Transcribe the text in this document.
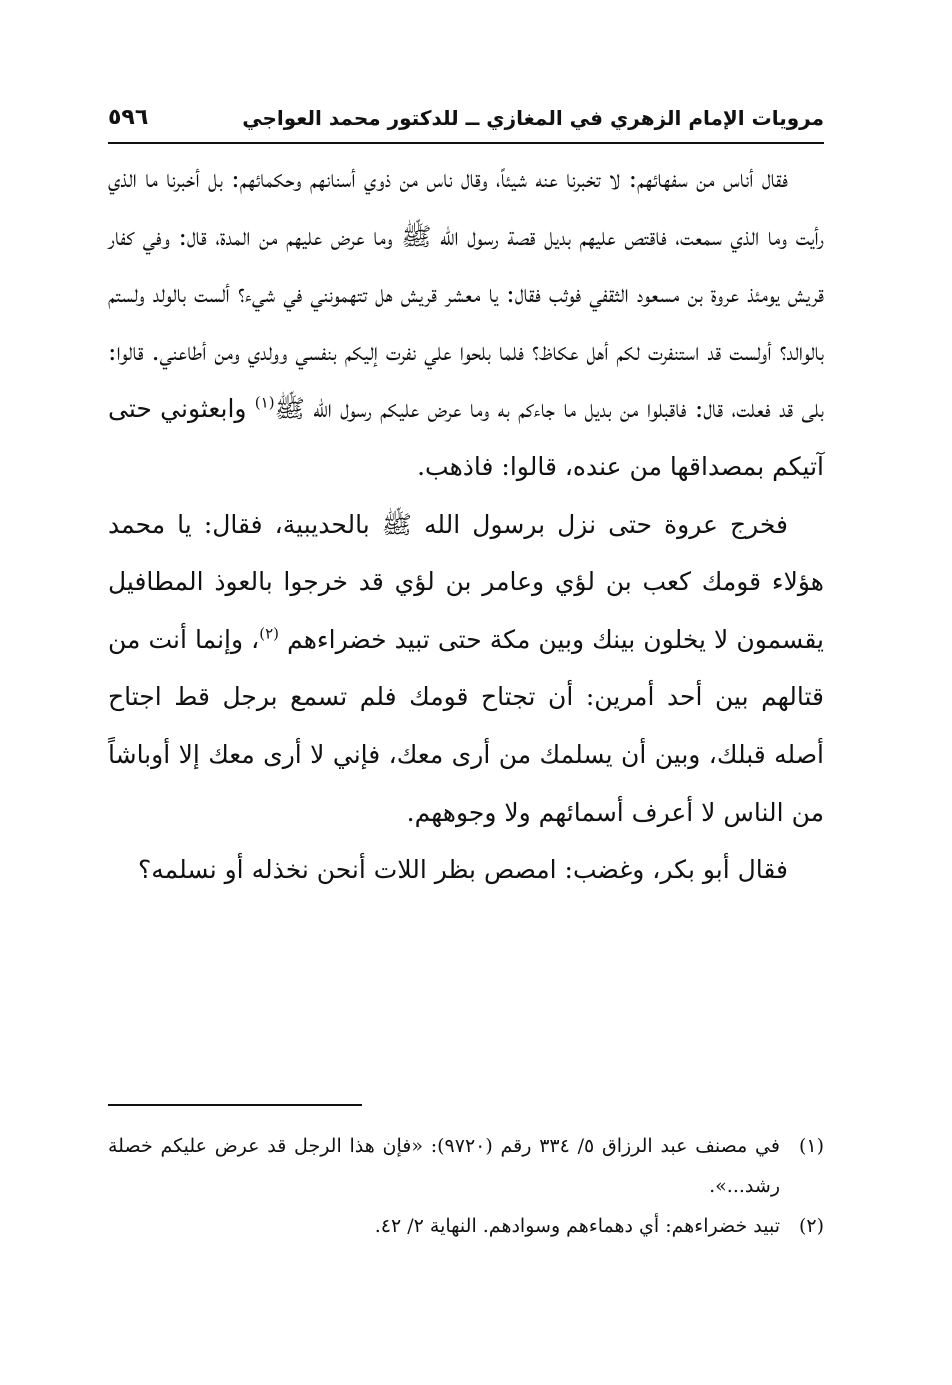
مرويات الإمام الزهري في المغازي ــ للدكتور محمد العواجي
٥٩٦

فقال أناس من سفهائهم: لا تخبرنا عنه شيئاً، وقال ناس من ذوي أسنانهم وحكمائهم: بل أخبرنا ما الذي رأيت وما الذي سمعت، فاقتص عليهم بديل قصة رسول الله ﷺ وما عرض عليهم من المدة، قال: وفي كفار قريش يومئذ عروة بن مسعود الثقفي فوثب فقال: يا معشر قريش هل تتهمونني في شيء؟ ألست بالولد ولستم بالوالد؟ أولست قد استنفرت لكم أهل عكاظ؟ فلما بلحوا علي نفرت إليكم بنفسي وولدي ومن أطاعني. قالوا: بلى قد فعلت، قال: فاقبلوا من بديل ما جاءكم به وما عرض عليكم رسول الله ﷺ$^{(١)}$ وابعثوني حتى آتيكم بمصداقها من عنده، قالوا: فاذهب.

فخرج عروة حتى نزل برسول الله ﷺ بالحديبية، فقال: يا محمد هؤلاء قومك كعب بن لؤي وعامر بن لؤي قد خرجوا بالعوذ المطافيل يقسمون لا يخلون بينك وبين مكة حتى تبيد خضراءهم $^{(٢)}$، وإنما أنت من قتالهم بين أحد أمرين: أن تجتاح قومك فلم تسمع برجل قط اجتاح أصله قبلك، وبين أن يسلمك من أرى معك، فإني لا أرى معك إلا أوباشاً من الناس لا أعرف أسمائهم ولا وجوههم.

فقال أبو بكر، وغضب: امصص بظر اللات أنحن نخذله أو نسلمه؟

(١)
في مصنف عبد الرزاق ٥/ ٣٣٤ رقم (٩٧٢٠): «فإن هذا الرجل قد عرض عليكم خصلة رشد...».
(٢)
تبيد خضراءهم: أي دهماءهم وسوادهم. النهاية ٢/ ٤٢.
